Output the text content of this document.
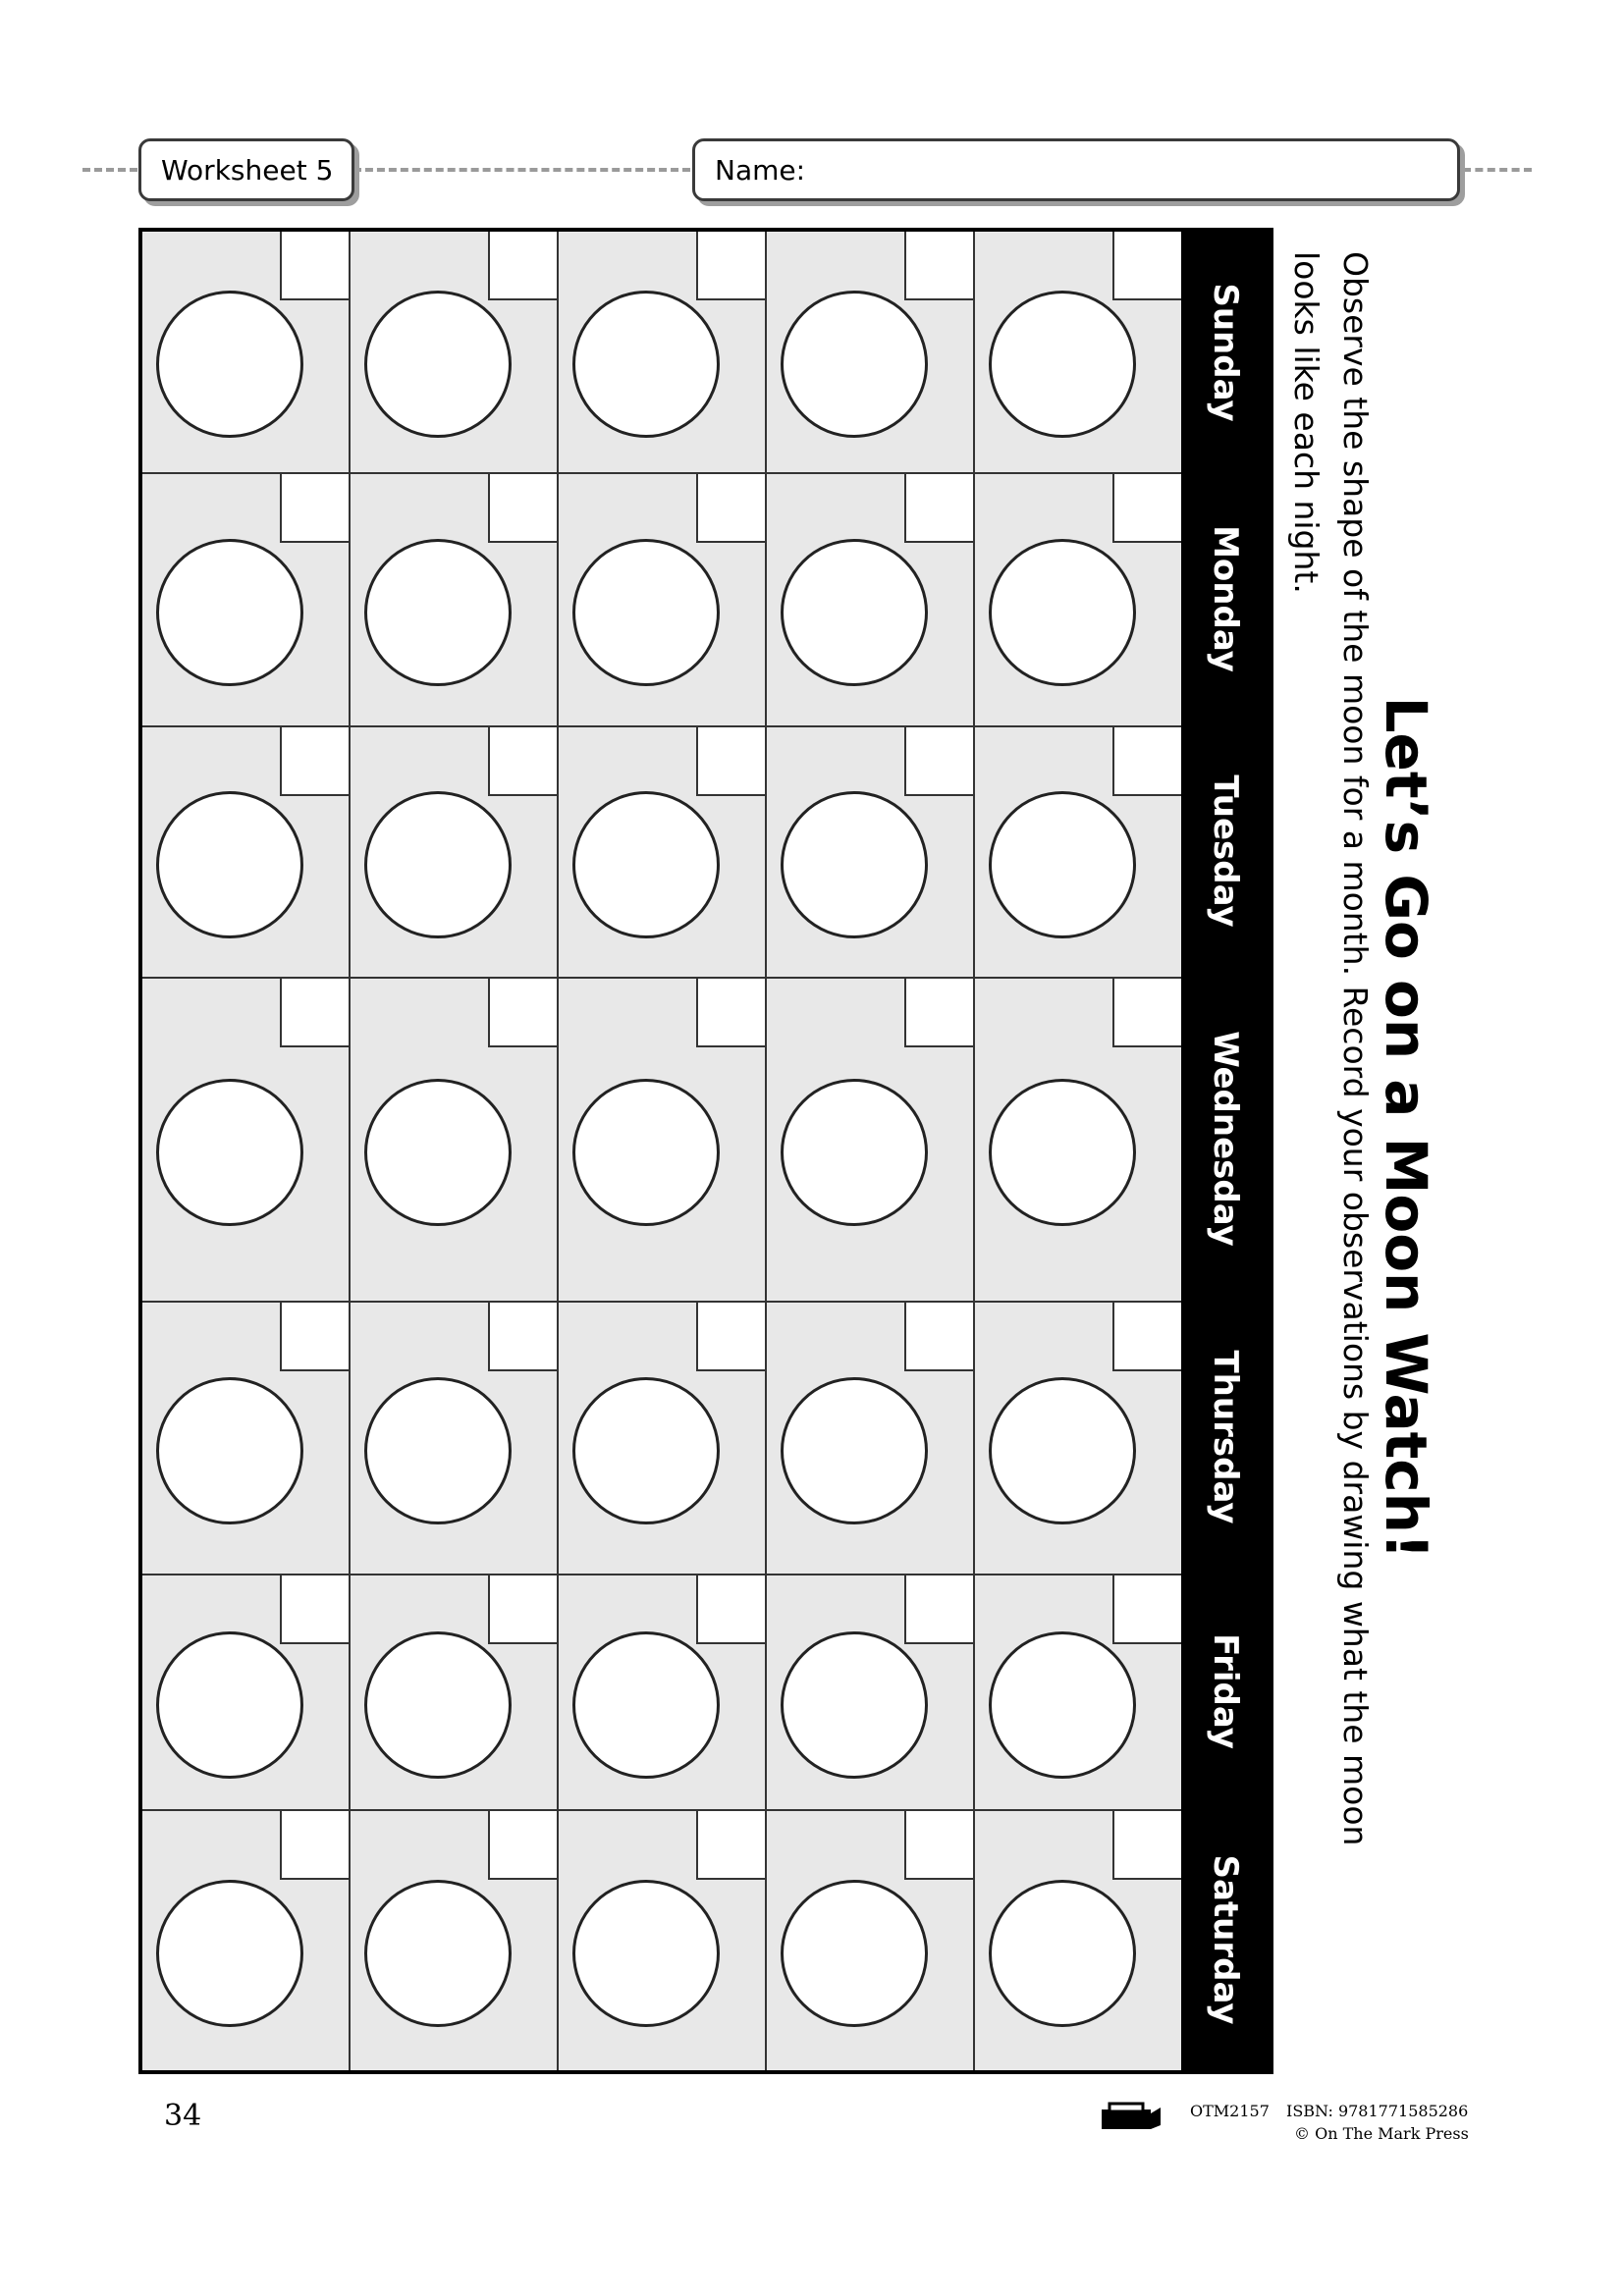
Worksheet 5	Name:
Sunday
Monday
Tuesday
Wednesday
Thursday
Friday
Saturday
Let’s Go on a Moon Watch!
Observe the shape of the moon for a month. Record your observations by drawing what the moon
looks like each night.
34	OTM2157 ISBN: 9781771585286
© On The Mark Press
